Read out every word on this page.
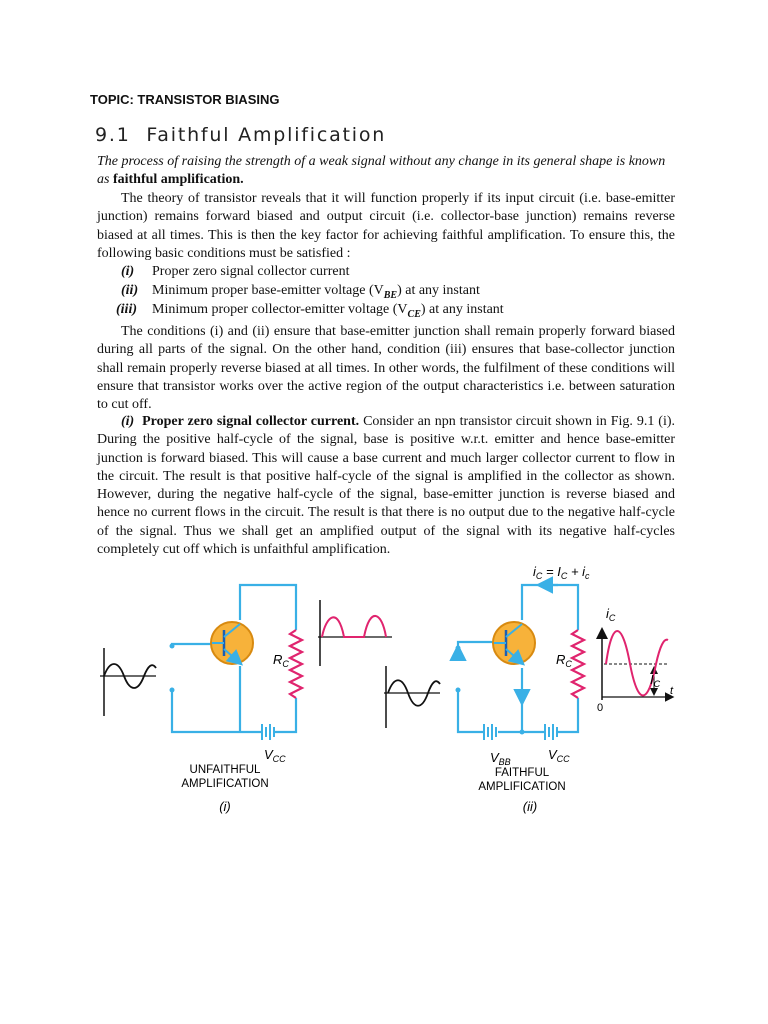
TOPIC: TRANSISTOR BIASING
9.1 Faithful Amplification
The process of raising the strength of a weak signal without any change in its general shape is known as faithful amplification.
The theory of transistor reveals that it will function properly if its input circuit (i.e. base-emitter junction) remains forward biased and output circuit (i.e. collector-base junction) remains reverse biased at all times. This is then the key factor for achieving faithful amplification. To ensure this, the following basic conditions must be satisfied :
(i) Proper zero signal collector current
(ii) Minimum proper base-emitter voltage $(V_{BE})$ at any instant
(iii) Minimum proper collector-emitter voltage $(V_{CE})$ at any instant
The conditions (i) and (ii) ensure that base-emitter junction shall remain properly forward biased during all parts of the signal. On the other hand, condition (iii) ensures that base-collector junction shall remain properly reverse biased at all times. In other words, the fulfilment of these conditions will ensure that transistor works over the active region of the output characteristics i.e. between saturation to cut off.
(i) Proper zero signal collector current. Consider an npn transistor circuit shown in Fig. 9.1 (i). During the positive half-cycle of the signal, base is positive w.r.t. emitter and hence base-emitter junction is forward biased. This will cause a base current and much larger collector current to flow in the circuit. The result is that positive half-cycle of the signal is amplified in the collector as shown. However, during the negative half-cycle of the signal, base-emitter junction is reverse biased and hence no current flows in the circuit. The result is that there is no output due to the negative half-cycle of the signal. Thus we shall get an amplified output of the signal with its negative half-cycles completely cut off which is unfaithful amplification.
$R_C$
$V_{CC}$
UNFAITHFUL
AMPLIFICATION
(i)
$i_C = I_C + i_c$
$R_C$
$V_{BB}$	$V_{CC}$
FAITHFUL
AMPLIFICATION
(ii)
$i_C$
$I_C$
t
0
